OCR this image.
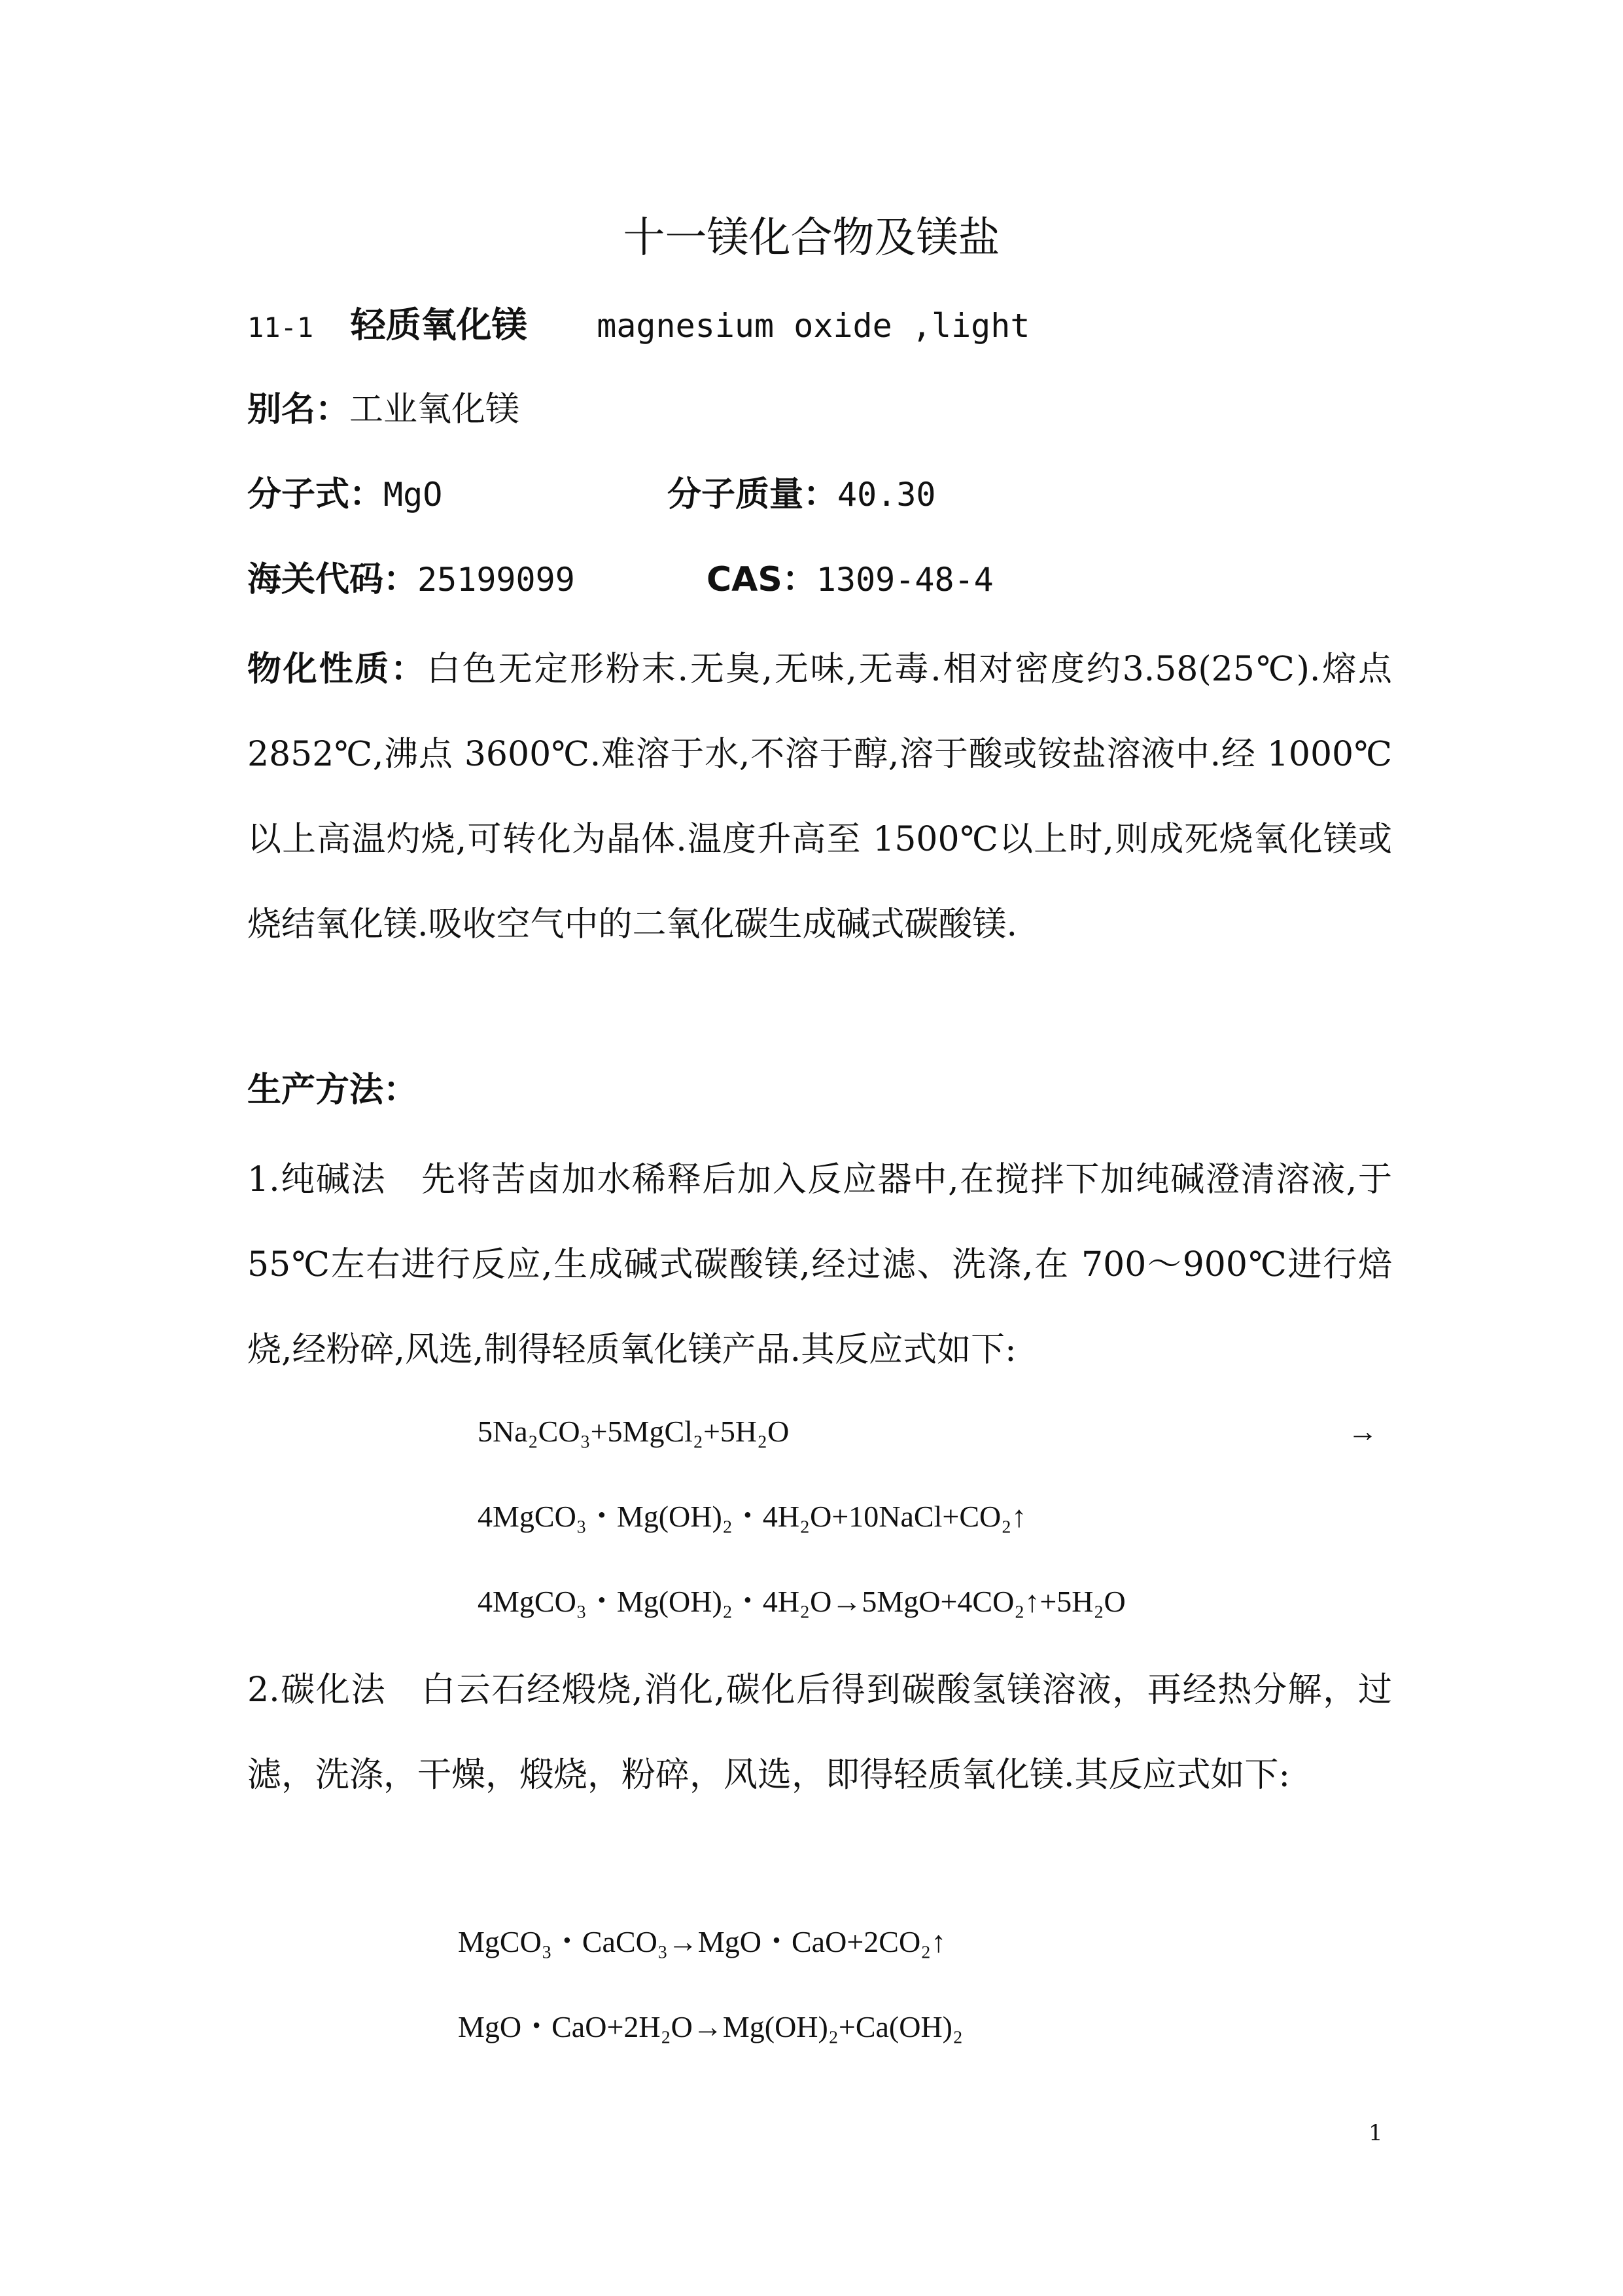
十一镁化合物及镁盐
11-1 轻质氧化镁 magnesium oxide ,light
别名：工业氧化镁
分子式：MgO	分子质量：40.30
海关代码：25199099	CAS：1309-48-4
物化性质：白色无定形粉末.无臭,无味,无毒.相对密度约3.58(25℃).熔点 2852℃,沸点 3600℃.难溶于水,不溶于醇,溶于酸或铵盐溶液中.经 1000℃以上高温灼烧,可转化为晶体.温度升高至 1500℃以上时,则成死烧氧化镁或烧结氧化镁.吸收空气中的二氧化碳生成碱式碳酸镁.
生产方法：
1.纯碱法　先将苦卤加水稀释后加入反应器中,在搅拌下加纯碱澄清溶液,于 55℃左右进行反应,生成碱式碳酸镁,经过滤、洗涤,在 700～900℃进行焙烧,经粉碎,风选,制得轻质氧化镁产品.其反应式如下:
5Na₂CO₃+5MgCl₂+5H₂O	→
4MgCO₃・Mg(OH)₂・4H₂O+10NaCl+CO₂↑
4MgCO₃・Mg(OH)₂・4H₂O→5MgO+4CO₂↑+5H₂O
2.碳化法　白云石经煅烧,消化,碳化后得到碳酸氢镁溶液，再经热分解，过滤，洗涤，干燥，煅烧，粉碎，风选，即得轻质氧化镁.其反应式如下:
MgCO₃・CaCO₃→MgO・CaO+2CO₂↑
MgO・CaO+2H₂O→Mg(OH)₂+Ca(OH)₂
1
